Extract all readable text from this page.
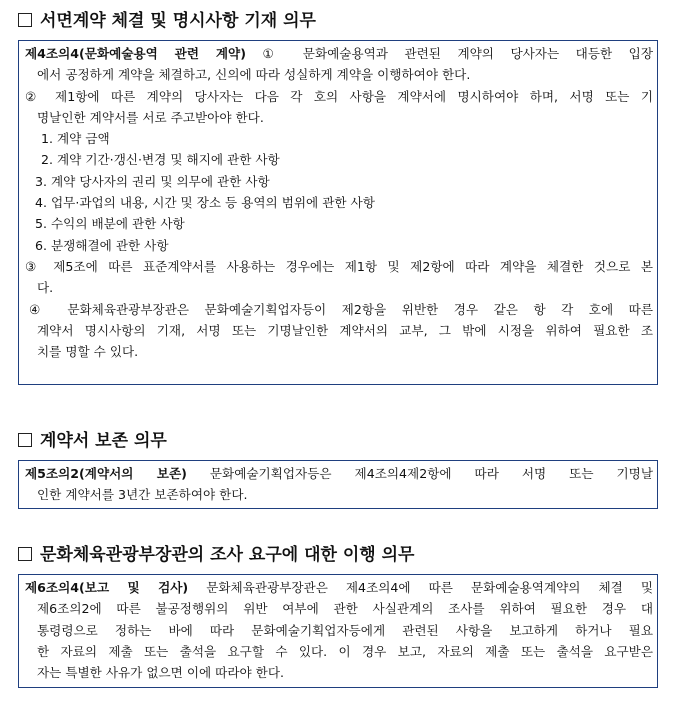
서면계약 체결 및 명시사항 기재 의무
제4조의4(문화예술용역 관련 계약) ① 문화예술용역과 관련된 계약의 당사자는 대등한 입장
에서 공정하게 계약을 체결하고, 신의에 따라 성실하게 계약을 이행하여야 한다.
② 제1항에 따른 계약의 당사자는 다음 각 호의 사항을 계약서에 명시하여야 하며, 서명 또는 기
명날인한 계약서를 서로 주고받아야 한다.
1. 계약 금액
2. 계약 기간·갱신·변경 및 해지에 관한 사항
3. 계약 당사자의 권리 및 의무에 관한 사항
4. 업무·과업의 내용, 시간 및 장소 등 용역의 범위에 관한 사항
5. 수익의 배분에 관한 사항
6. 분쟁해결에 관한 사항
③ 제5조에 따른 표준계약서를 사용하는 경우에는 제1항 및 제2항에 따라 계약을 체결한 것으로 본
다.
④ 문화체육관광부장관은 문화예술기획업자등이 제2항을 위반한 경우 같은 항 각 호에 따른
계약서 명시사항의 기재, 서명 또는 기명날인한 계약서의 교부, 그 밖에 시정을 위하여 필요한 조
치를 명할 수 있다.
계약서 보존 의무
제5조의2(계약서의 보존) 문화예술기획업자등은 제4조의4제2항에 따라 서명 또는 기명날
인한 계약서를 3년간 보존하여야 한다.
문화체육관광부장관의 조사 요구에 대한 이행 의무
제6조의4(보고 및 검사) 문화체육관광부장관은 제4조의4에 따른 문화예술용역계약의 체결 및
제6조의2에 따른 불공정행위의 위반 여부에 관한 사실관계의 조사를 위하여 필요한 경우 대
통령령으로 정하는 바에 따라 문화예술기획업자등에게 관련된 사항을 보고하게 하거나 필요
한 자료의 제출 또는 출석을 요구할 수 있다. 이 경우 보고, 자료의 제출 또는 출석을 요구받은
자는 특별한 사유가 없으면 이에 따라야 한다.
